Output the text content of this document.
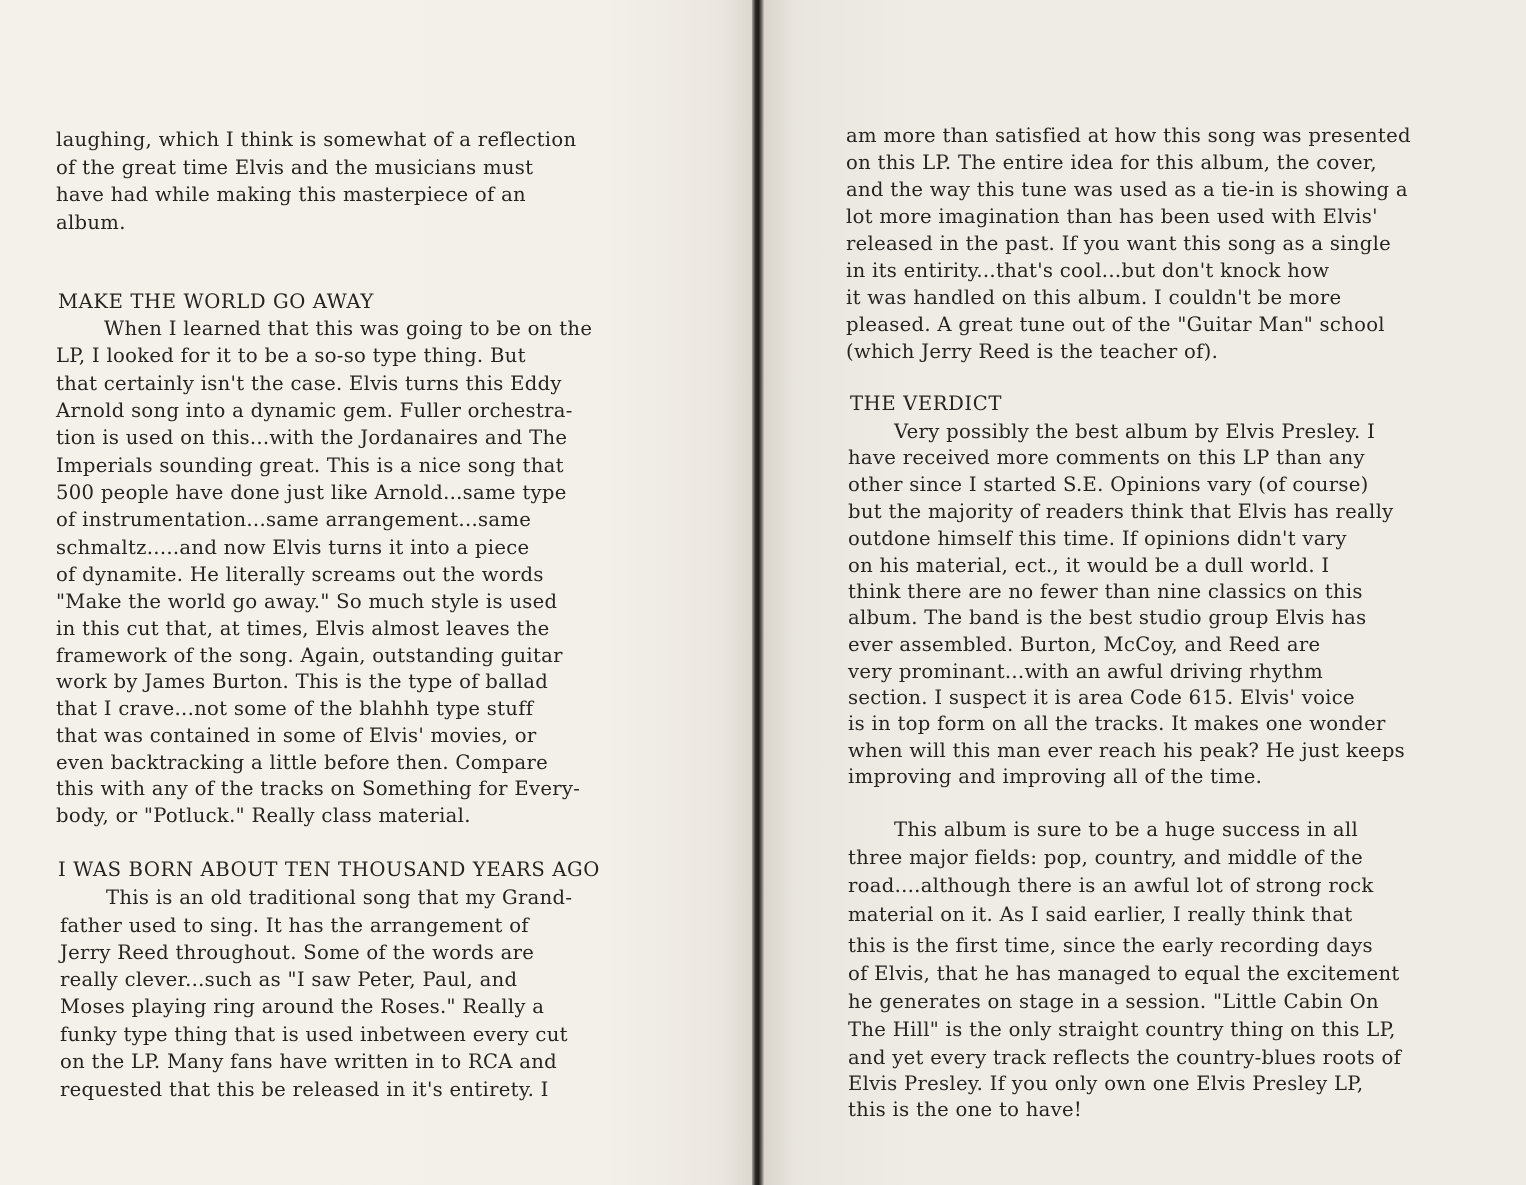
laughing, which I think is somewhat of a reflection
of the great time Elvis and the musicians must
have had while making this masterpiece of an
album.
MAKE THE WORLD GO AWAY
When I learned that this was going to be on the
LP, I looked for it to be a so-so type thing. But
that certainly isn't the case. Elvis turns this Eddy
Arnold song into a dynamic gem. Fuller orchestra-
tion is used on this...with the Jordanaires and The
Imperials sounding great. This is a nice song that
500 people have done just like Arnold...same type
of instrumentation...same arrangement...same
schmaltz.....and now Elvis turns it into a piece
of dynamite. He literally screams out the words
"Make the world go away." So much style is used
in this cut that, at times, Elvis almost leaves the
framework of the song. Again, outstanding guitar
work by James Burton. This is the type of ballad
that I crave...not some of the blahhh type stuff
that was contained in some of Elvis' movies, or
even backtracking a little before then. Compare
this with any of the tracks on Something for Every-
body, or "Potluck." Really class material.
I WAS BORN ABOUT TEN THOUSAND YEARS AGO
This is an old traditional song that my Grand-
father used to sing. It has the arrangement of
Jerry Reed throughout. Some of the words are
really clever...such as "I saw Peter, Paul, and
Moses playing ring around the Roses." Really a
funky type thing that is used inbetween every cut
on the LP. Many fans have written in to RCA and
requested that this be released in it's entirety. I
am more than satisfied at how this song was presented
on this LP. The entire idea for this album, the cover,
and the way this tune was used as a tie-in is showing a
lot more imagination than has been used with Elvis'
released in the past. If you want this song as a single
in its entirity...that's cool...but don't knock how
it was handled on this album. I couldn't be more
pleased. A great tune out of the "Guitar Man" school
(which Jerry Reed is the teacher of).
THE VERDICT
Very possibly the best album by Elvis Presley. I
have received more comments on this LP than any
other since I started S.E. Opinions vary (of course)
but the majority of readers think that Elvis has really
outdone himself this time. If opinions didn't vary
on his material, ect., it would be a dull world. I
think there are no fewer than nine classics on this
album. The band is the best studio group Elvis has
ever assembled. Burton, McCoy, and Reed are
very prominant...with an awful driving rhythm
section. I suspect it is area Code 615. Elvis' voice
is in top form on all the tracks. It makes one wonder
when will this man ever reach his peak? He just keeps
improving and improving all of the time.
This album is sure to be a huge success in all
three major fields: pop, country, and middle of the
road....although there is an awful lot of strong rock
material on it. As I said earlier, I really think that
this is the first time, since the early recording days
of Elvis, that he has managed to equal the excitement
he generates on stage in a session. "Little Cabin On
The Hill" is the only straight country thing on this LP,
and yet every track reflects the country-blues roots of
Elvis Presley. If you only own one Elvis Presley LP,
this is the one to have!
